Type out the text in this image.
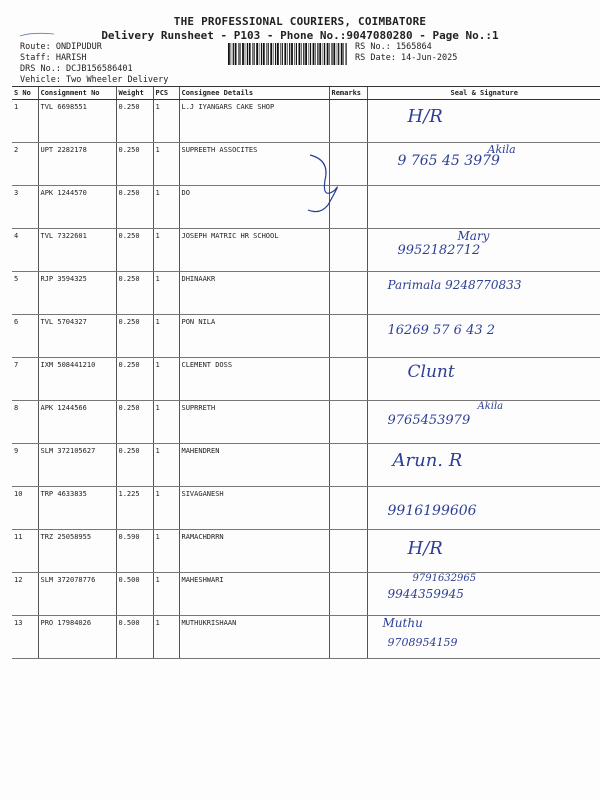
THE PROFESSIONAL COURIERS, COIMBATORE
Delivery Runsheet - P103 - Phone No.:9047080280 - Page No.:1
Route: ONDIPUDUR
Staff: HARISH
DRS No.: DCJB156586401
Vehicle: Two Wheeler Delivery
RS No.: 1565864
RS Date: 14-Jun-2025
S No	Consignment No	Weight	PCS	Consignee Details	Remarks	Seal & Signature
1	TVL 6698551	0.250	1	L.J IYANGARS CAKE SHOP		H/R

2	UPT 2282178	0.250	1	SUPREETH ASSOCITES		Akila
9 765 45 3979

3	APK 1244570	0.250	1	DO		
4	TVL 7322601	0.250	1	JOSEPH MATRIC HR SCHOOL		Mary
9952182712

5	RJP 3594325	0.250	1	DHINAAKR		Parimala 9248770833

6	TVL 5704327	0.250	1	PON NILA		16269 57 6 43 2

7	IXM 508441210	0.250	1	CLEMENT DOSS		Clunt

8	APK 1244566	0.250	1	SUPRRETH		Akila
9765453979

9	SLM 372105627	0.250	1	MAHENDREN		Arun. R

10	TRP 4633835	1.225	1	SIVAGANESH		9916199606

11	TRZ 25058955	0.590	1	RAMACHDRRN		H/R

12	SLM 372078776	0.500	1	MAHESHWARI		9791632965
9944359945

13	PRO 17984026	0.500	1	MUTHUKRISHAAN		Muthu
9708954159
